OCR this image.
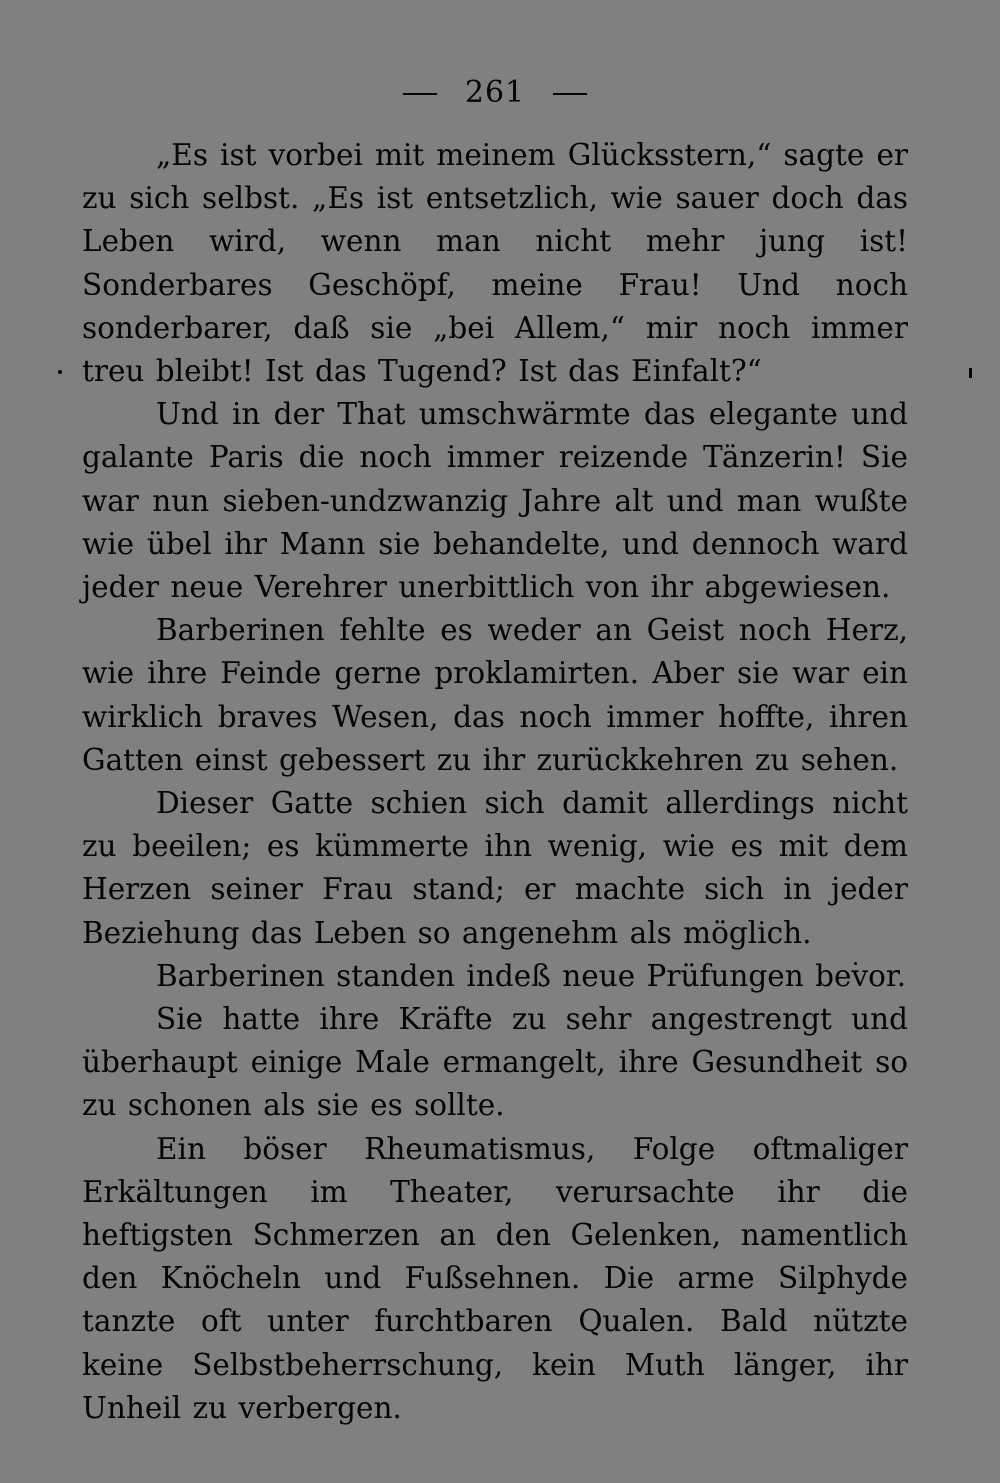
261

„Es ist vorbei mit meinem Glücksstern,“ sagte er zu sich selbst. „Es ist entsetzlich, wie sauer doch das Leben wird, wenn man nicht mehr jung ist! Sonderbares Geschöpf, meine Frau! Und noch sonderbarer, daß sie „bei Allem,“ mir noch immer treu bleibt! Ist das Tugend? Ist das Einfalt?“

Und in der That umschwärmte das elegante und galante Paris die noch immer reizende Tänzerin! Sie war nun sieben-undzwanzig Jahre alt und man wußte wie übel ihr Mann sie behandelte, und dennoch ward jeder neue Verehrer unerbittlich von ihr abgewiesen.

Barberinen fehlte es weder an Geist noch Herz, wie ihre Feinde gerne proklamirten. Aber sie war ein wirklich braves Wesen, das noch immer hoffte, ihren Gatten einst gebessert zu ihr zurückkehren zu sehen.

Dieser Gatte schien sich damit allerdings nicht zu beeilen; es kümmerte ihn wenig, wie es mit dem Herzen seiner Frau stand; er machte sich in jeder Beziehung das Leben so angenehm als möglich.

Barberinen standen indeß neue Prüfungen bevor.

Sie hatte ihre Kräfte zu sehr angestrengt und überhaupt einige Male ermangelt, ihre Gesundheit so zu schonen als sie es sollte.

Ein böser Rheumatismus, Folge oftmaliger Erkältungen im Theater, verursachte ihr die heftigsten Schmerzen an den Gelenken, namentlich den Knöcheln und Fußsehnen. Die arme Silphyde tanzte oft unter furchtbaren Qualen. Bald nützte keine Selbstbeherrschung, kein Muth länger, ihr Unheil zu verbergen.
